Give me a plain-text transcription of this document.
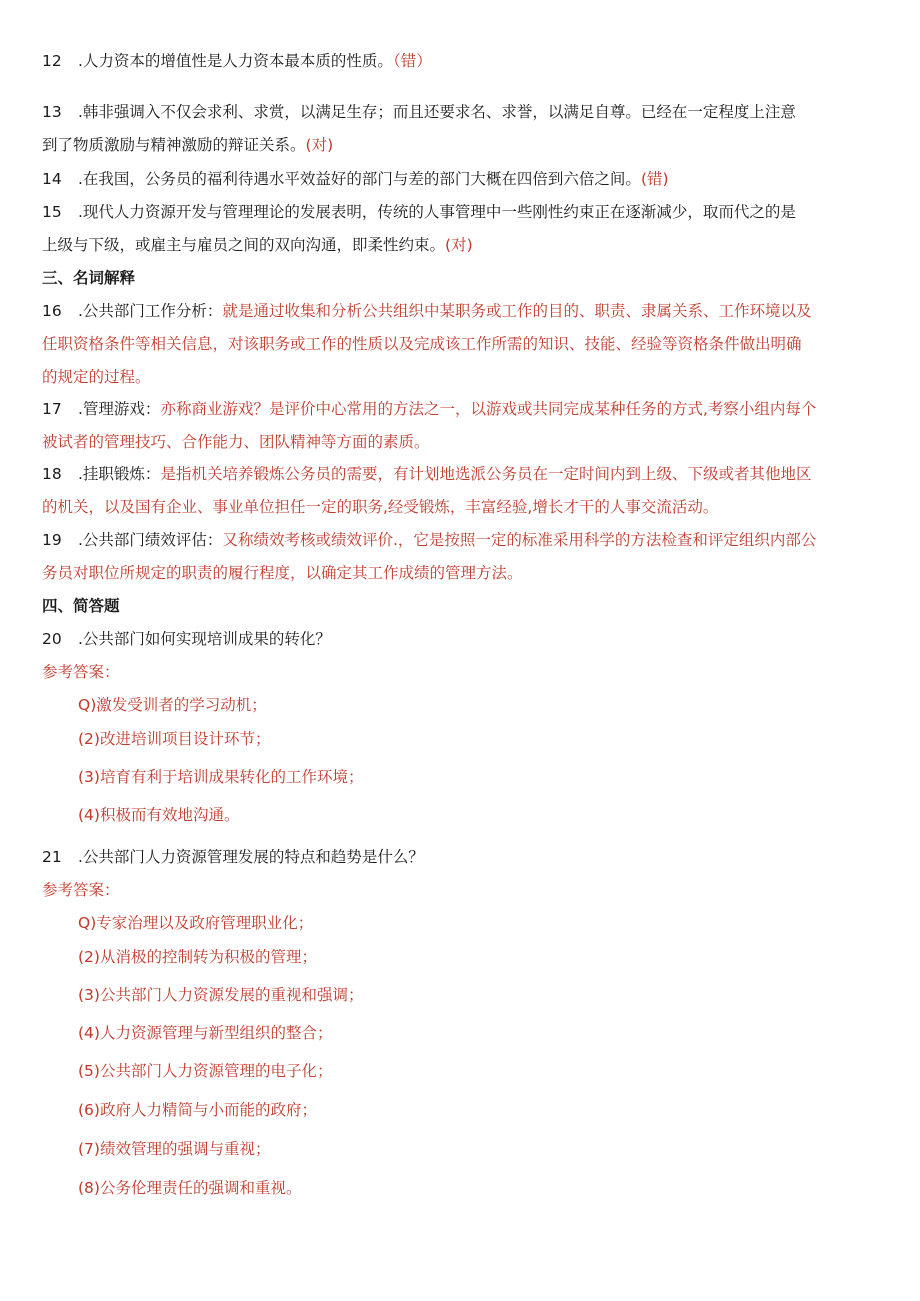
12 .人力资本的增值性是人力资本最本质的性质。（错）
13 .韩非强调入不仅会求利、求赏，以满足生存；而且还要求名、求誉，以满足自尊。已经在一定程度上注意
到了物质激励与精神激励的辩证关系。(对)
14 .在我国，公务员的福利待遇水平效益好的部门与差的部门大概在四倍到六倍之间。(错)
15 .现代人力资源开发与管理理论的发展表明，传统的人事管理中一些刚性约束正在逐渐减少，取而代之的是
上级与下级，或雇主与雇员之间的双向沟通，即柔性约束。(对)
三、名词解释
16 .公共部门工作分析：就是通过收集和分析公共组织中某职务或工作的目的、职责、隶属关系、工作环境以及
任职资格条件等相关信息，对该职务或工作的性质以及完成该工作所需的知识、技能、经验等资格条件做出明确
的规定的过程。
17 .管理游戏：亦称商业游戏？是评价中心常用的方法之一，以游戏或共同完成某种任务的方式,考察小组内每个
被试者的管理技巧、合作能力、团队精神等方面的素质。
18 .挂职锻炼：是指机关培养锻炼公务员的需要，有计划地选派公务员在一定时间内到上级、下级或者其他地区
的机关，以及国有企业、事业单位担任一定的职务,经受锻炼，丰富经验,增长才干的人事交流活动。
19 .公共部门绩效评估：又称绩效考核或绩效评价.，它是按照一定的标准采用科学的方法检查和评定组织内部公
务员对职位所规定的职责的履行程度，以确定其工作成绩的管理方法。
四、简答题
20 .公共部门如何实现培训成果的转化？
参考答案：
Q)激发受训者的学习动机；
(2)改进培训项目设计环节；
(3)培育有利于培训成果转化的工作环境；
(4)积极而有效地沟通。
21 .公共部门人力资源管理发展的特点和趋势是什么？
参考答案：
Q)专家治理以及政府管理职业化；
(2)从消极的控制转为积极的管理；
(3)公共部门人力资源发展的重视和强调；
(4)人力资源管理与新型组织的整合；
(5)公共部门人力资源管理的电子化；
(6)政府人力精简与小而能的政府；
(7)绩效管理的强调与重视；
(8)公务伦理责任的强调和重视。
